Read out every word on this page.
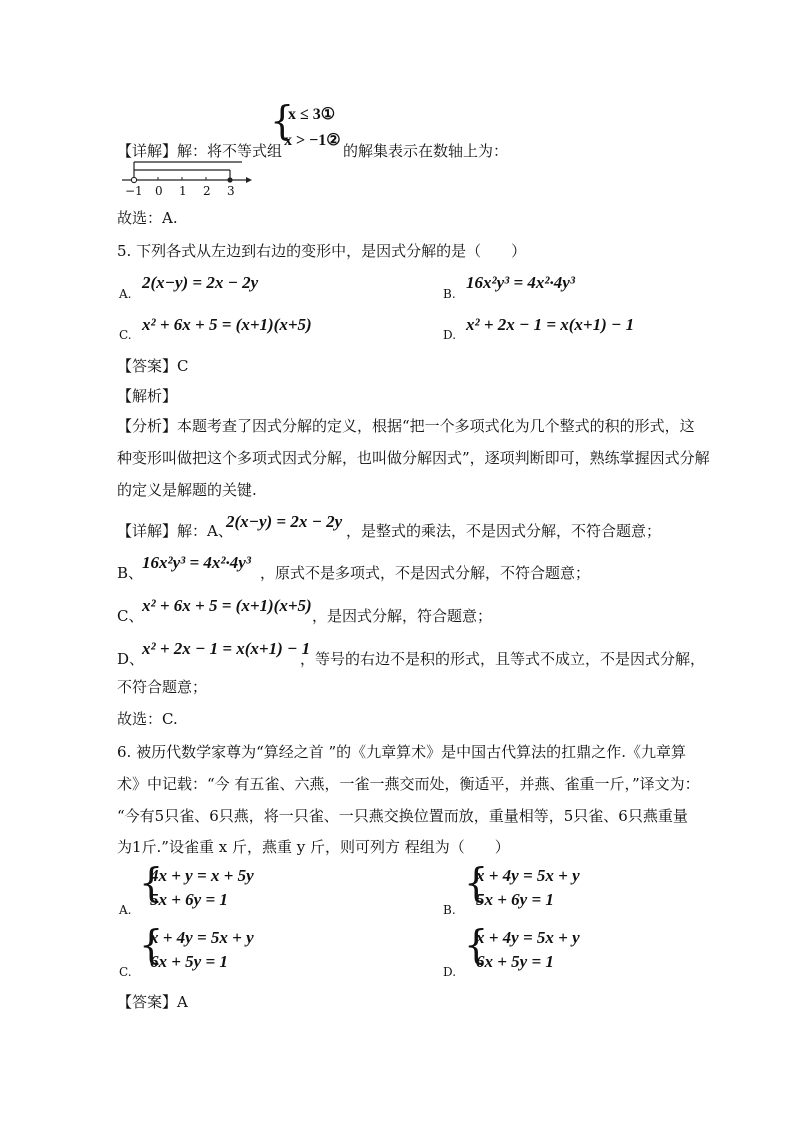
{
x ≤ 3①
x > −1②
【详解】解：将不等式组	的解集表示在数轴上为：
−1 0 1 2 3
故选：A.
5. 下列各式从左边到右边的变形中，是因式分解的是（　　）
A.
2(x−y) = 2x − 2y
B.
16x²y³ = 4x²·4y³
C.
x² + 6x + 5 = (x+1)(x+5)
D.
x² + 2x − 1 = x(x+1) − 1
【答案】C
【解析】
【分析】本题考查了因式分解的定义，根据“把一个多项式化为几个整式的积的形式，这
种变形叫做把这个多项式因式分解，也叫做分解因式”，逐项判断即可，熟练掌握因式分解
的定义是解题的关键.
【详解】解：A、
2(x−y) = 2x − 2y ，是整式的乘法，不是因式分解，不符合题意；
B、
16x²y³ = 4x²·4y³
，原式不是多项式，不是因式分解，不符合题意；
C、
x² + 6x + 5 = (x+1)(x+5)
，是因式分解，符合题意；
D、
x² + 2x − 1 = x(x+1) − 1
，等号的右边不是积的形式，且等式不成立，不是因式分解，
不符合题意；
故选：C.
6. 被历代数学家尊为“算经之首 ”的《九章算术》是中国古代算法的扛鼎之作.《九章算
术》中记载：“今 有五雀、六燕，一雀一燕交而处，衡适平，并燕、雀重一斤，”译文为：
“今有5只雀、6只燕，将一只雀、一只燕交换位置而放，重量相等，5只雀、6只燕重量
为1斤.”设雀重 x 斤，燕重 y 斤，则可列方 程组为（　　）
A.
{
4x + y = x + 5y
5x + 6y = 1
B.
{
x + 4y = 5x + y
5x + 6y = 1
C.
{
x + 4y = 5x + y
6x + 5y = 1
D.
{
x + 4y = 5x + y
6x + 5y = 1
【答案】A
